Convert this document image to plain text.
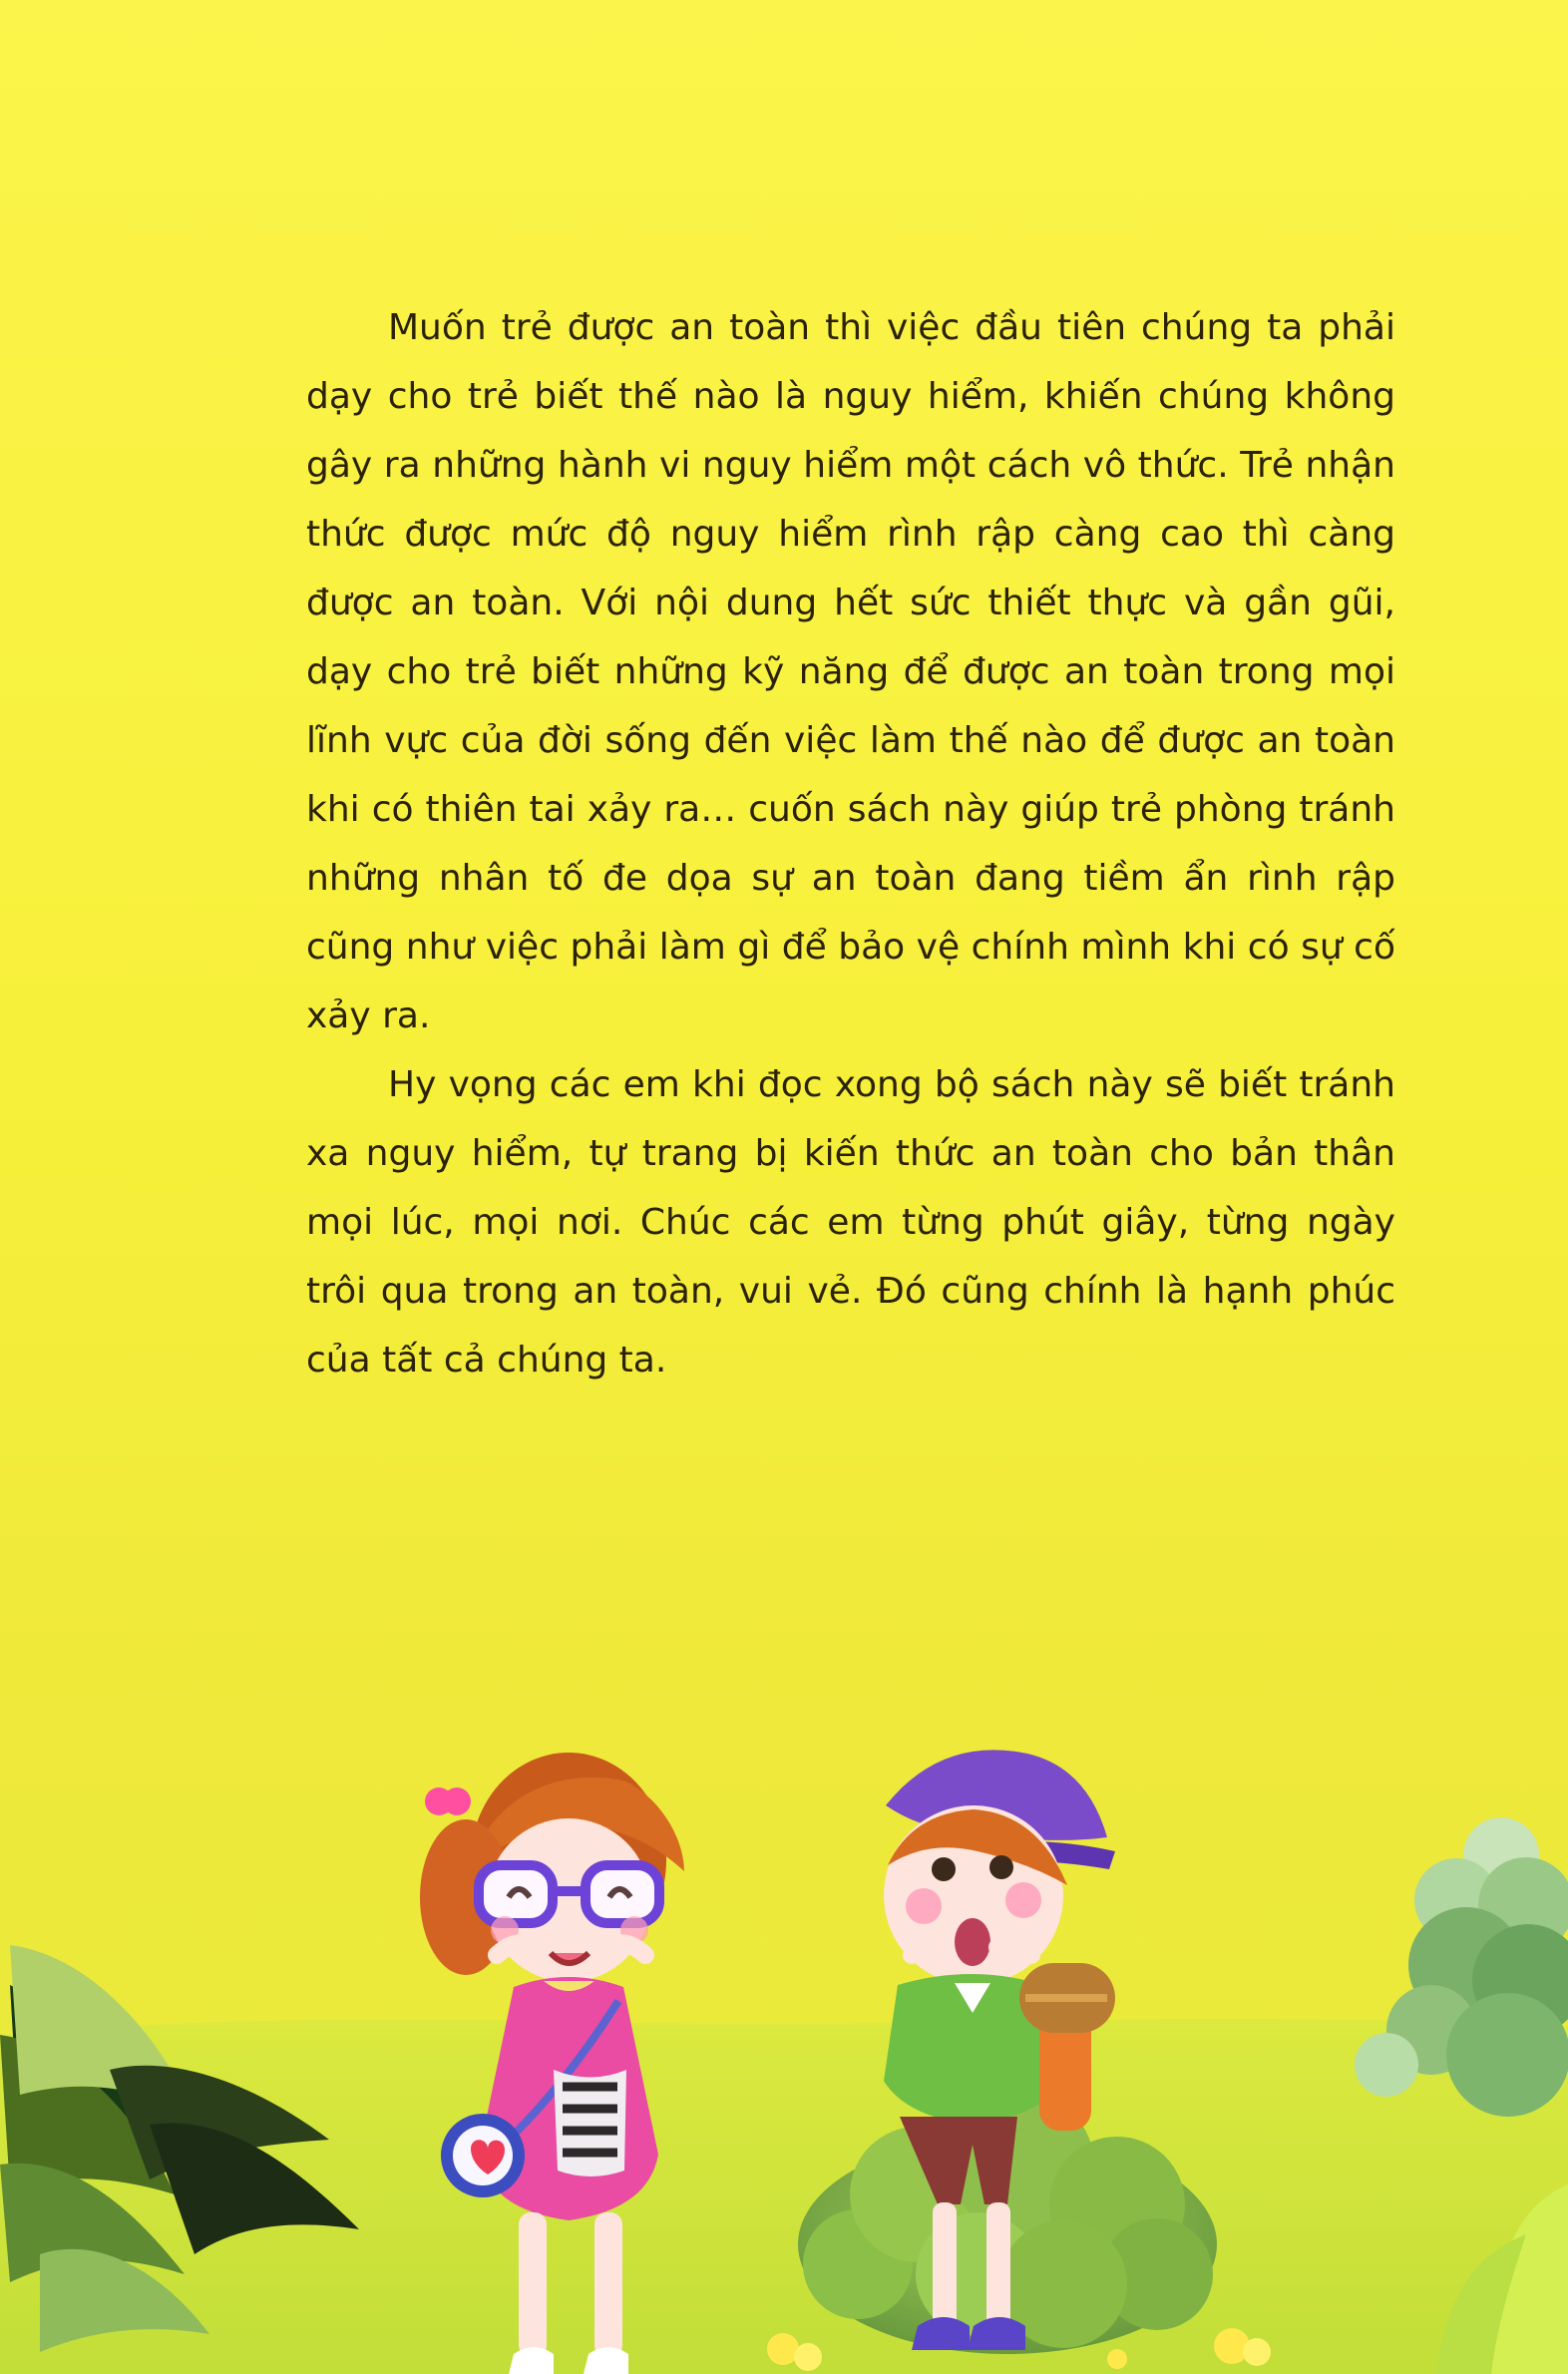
Muốn trẻ được an toàn thì việc đầu tiên chúng ta phải dạy cho trẻ biết thế nào là nguy hiểm, khiến chúng không gây ra những hành vi nguy hiểm một cách vô thức. Trẻ nhận thức được mức độ nguy hiểm rình rập càng cao thì càng được an toàn. Với nội dung hết sức thiết thực và gần gũi, dạy cho trẻ biết những kỹ năng để được an toàn trong mọi lĩnh vực của đời sống đến việc làm thế nào để được an toàn khi có thiên tai xảy ra… cuốn sách này giúp trẻ phòng tránh những nhân tố đe dọa sự an toàn đang tiềm ẩn rình rập cũng như việc phải làm gì để bảo vệ chính mình khi có sự cố xảy ra.

Hy vọng các em khi đọc xong bộ sách này sẽ biết tránh xa nguy hiểm, tự trang bị kiến thức an toàn cho bản thân mọi lúc, mọi nơi. Chúc các em từng phút giây, từng ngày trôi qua trong an toàn, vui vẻ. Đó cũng chính là hạnh phúc của tất cả chúng ta.
